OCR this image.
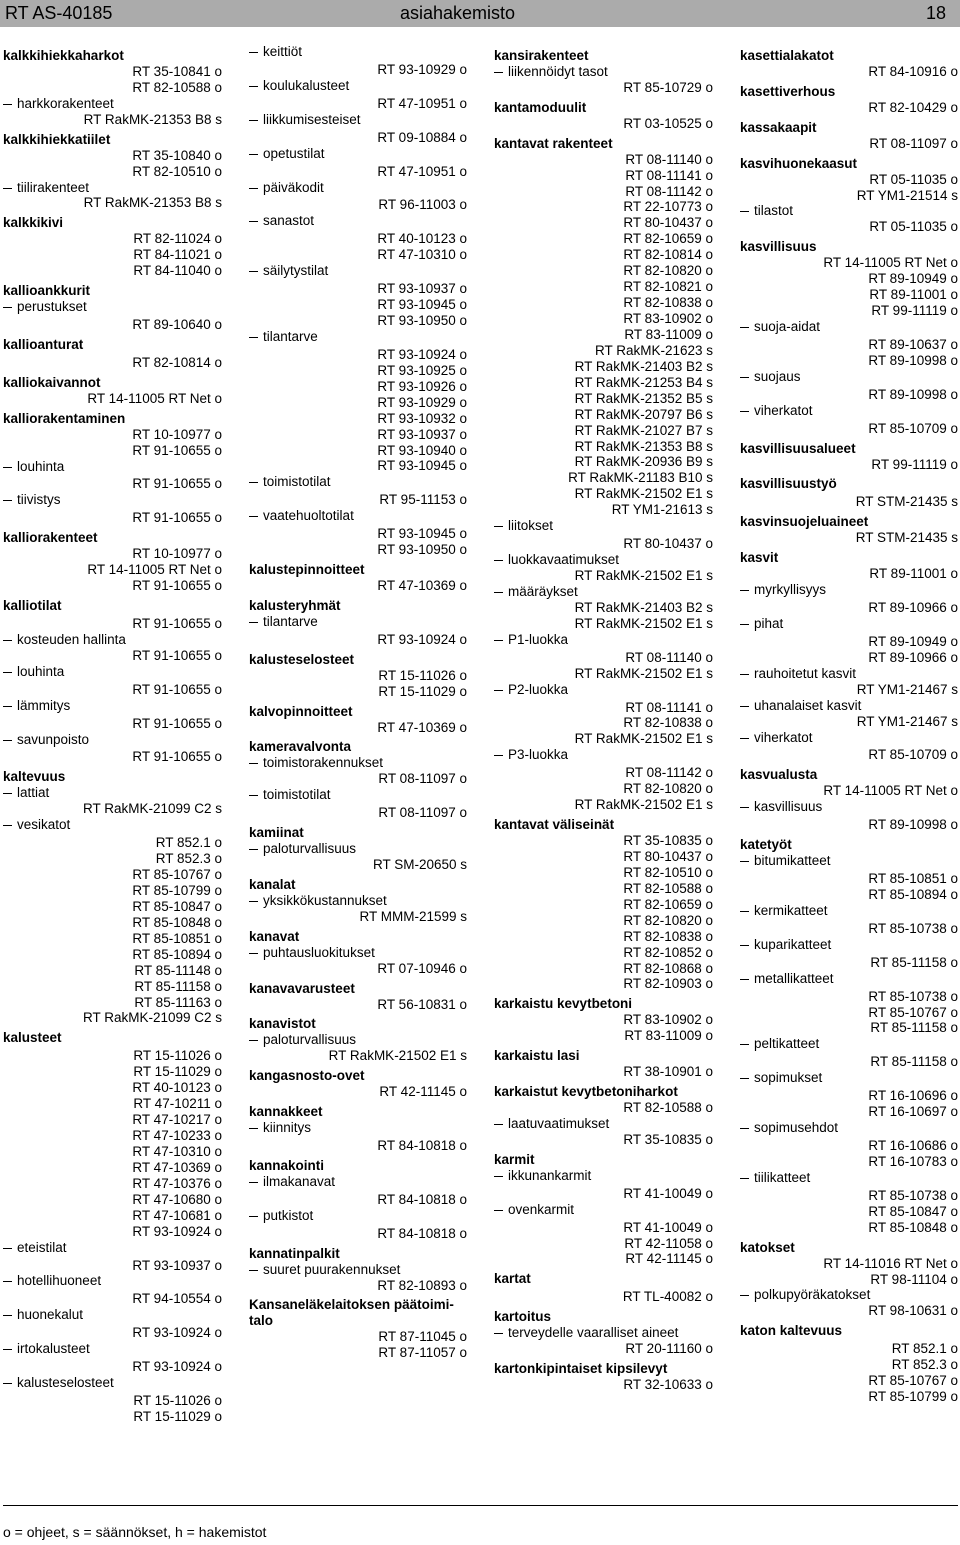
RT AS-40185	asiahakemisto	18
kalkkihiekkaharkot
RT 35-10841 o
RT 82-10588 o
harkkorakenteet
RT RakMK-21353 B8 s
kalkkihiekkatiilet
RT 35-10840 o
RT 82-10510 o
tiilirakenteet
RT RakMK-21353 B8 s
kalkkikivi
RT 82-11024 o
RT 84-11021 o
RT 84-11040 o
kallioankkurit
perustukset
RT 89-10640 o
kallioanturat
RT 82-10814 o
kalliokaivannot
RT 14-11005 RT Net o
kalliorakentaminen
RT 10-10977 o
RT 91-10655 o
louhinta
RT 91-10655 o
tiivistys
RT 91-10655 o
kalliorakenteet
RT 10-10977 o
RT 14-11005 RT Net o
RT 91-10655 o
kalliotilat
RT 91-10655 o
kosteuden hallinta
RT 91-10655 o
louhinta
RT 91-10655 o
lämmitys
RT 91-10655 o
savunpoisto
RT 91-10655 o
kaltevuus
lattiat
RT RakMK-21099 C2 s
vesikatot
RT 852.1 o
RT 852.3 o
RT 85-10767 o
RT 85-10799 o
RT 85-10847 o
RT 85-10848 o
RT 85-10851 o
RT 85-10894 o
RT 85-11148 o
RT 85-11158 o
RT 85-11163 o
RT RakMK-21099 C2 s
kalusteet
RT 15-11026 o
RT 15-11029 o
RT 40-10123 o
RT 47-10211 o
RT 47-10217 o
RT 47-10233 o
RT 47-10310 o
RT 47-10369 o
RT 47-10376 o
RT 47-10680 o
RT 47-10681 o
RT 93-10924 o
eteistilat
RT 93-10937 o
hotellihuoneet
RT 94-10554 o
huonekalut
RT 93-10924 o
irtokalusteet
RT 93-10924 o
kalusteselosteet
RT 15-11026 o
RT 15-11029 o
keittiöt
RT 93-10929 o
koulukalusteet
RT 47-10951 o
liikkumisesteiset
RT 09-10884 o
opetustilat
RT 47-10951 o
päiväkodit
RT 96-11003 o
sanastot
RT 40-10123 o
RT 47-10310 o
säilytystilat
RT 93-10937 o
RT 93-10945 o
RT 93-10950 o
tilantarve
RT 93-10924 o
RT 93-10925 o
RT 93-10926 o
RT 93-10929 o
RT 93-10932 o
RT 93-10937 o
RT 93-10940 o
RT 93-10945 o
toimistotilat
RT 95-11153 o
vaatehuoltotilat
RT 93-10945 o
RT 93-10950 o
kalustepinnoitteet
RT 47-10369 o
kalusteryhmät
tilantarve
RT 93-10924 o
kalusteselosteet
RT 15-11026 o
RT 15-11029 o
kalvopinnoitteet
RT 47-10369 o
kameravalvonta
toimistorakennukset
RT 08-11097 o
toimistotilat
RT 08-11097 o
kamiinat
paloturvallisuus
RT SM-20650 s
kanalat
yksikkökustannukset
RT MMM-21599 s
kanavat
puhtausluokitukset
RT 07-10946 o
kanavavarusteet
RT 56-10831 o
kanavistot
paloturvallisuus
RT RakMK-21502 E1 s
kangasnosto-ovet
RT 42-11145 o
kannakkeet
kiinnitys
RT 84-10818 o
kannakointi
ilmakanavat
RT 84-10818 o
putkistot
RT 84-10818 o
kannatinpalkit
suuret puurakennukset
RT 82-10893 o
Kansaneläkelaitoksen päätoimi-
talo
RT 87-11045 o
RT 87-11057 o
kansirakenteet
liikennöidyt tasot
RT 85-10729 o
kantamoduulit
RT 03-10525 o
kantavat rakenteet
RT 08-11140 o
RT 08-11141 o
RT 08-11142 o
RT 22-10773 o
RT 80-10437 o
RT 82-10659 o
RT 82-10814 o
RT 82-10820 o
RT 82-10821 o
RT 82-10838 o
RT 83-10902 o
RT 83-11009 o
RT RakMK-21623 s
RT RakMK-21403 B2 s
RT RakMK-21253 B4 s
RT RakMK-21352 B5 s
RT RakMK-20797 B6 s
RT RakMK-21027 B7 s
RT RakMK-21353 B8 s
RT RakMK-20936 B9 s
RT RakMK-21183 B10 s
RT RakMK-21502 E1 s
RT YM1-21613 s
liitokset
RT 80-10437 o
luokkavaatimukset
RT RakMK-21502 E1 s
määräykset
RT RakMK-21403 B2 s
RT RakMK-21502 E1 s
P1-luokka
RT 08-11140 o
RT RakMK-21502 E1 s
P2-luokka
RT 08-11141 o
RT 82-10838 o
RT RakMK-21502 E1 s
P3-luokka
RT 08-11142 o
RT 82-10820 o
RT RakMK-21502 E1 s
kantavat väliseinät
RT 35-10835 o
RT 80-10437 o
RT 82-10510 o
RT 82-10588 o
RT 82-10659 o
RT 82-10820 o
RT 82-10838 o
RT 82-10852 o
RT 82-10868 o
RT 82-10903 o
karkaistu kevytbetoni
RT 83-10902 o
RT 83-11009 o
karkaistu lasi
RT 38-10901 o
karkaistut kevytbetoniharkot
RT 82-10588 o
laatuvaatimukset
RT 35-10835 o
karmit
ikkunankarmit
RT 41-10049 o
ovenkarmit
RT 41-10049 o
RT 42-11058 o
RT 42-11145 o
kartat
RT TL-40082 o
kartoitus
terveydelle vaaralliset aineet
RT 20-11160 o
kartonkipintaiset kipsilevyt
RT 32-10633 o
kasettialakatot
RT 84-10916 o
kasettiverhous
RT 82-10429 o
kassakaapit
RT 08-11097 o
kasvihuonekaasut
RT 05-11035 o
RT YM1-21514 s
tilastot
RT 05-11035 o
kasvillisuus
RT 14-11005 RT Net o
RT 89-10949 o
RT 89-11001 o
RT 99-11119 o
suoja-aidat
RT 89-10637 o
RT 89-10998 o
suojaus
RT 89-10998 o
viherkatot
RT 85-10709 o
kasvillisuusalueet
RT 99-11119 o
kasvillisuustyö
RT STM-21435 s
kasvinsuojeluaineet
RT STM-21435 s
kasvit
RT 89-11001 o
myrkyllisyys
RT 89-10966 o
pihat
RT 89-10949 o
RT 89-10966 o
rauhoitetut kasvit
RT YM1-21467 s
uhanalaiset kasvit
RT YM1-21467 s
viherkatot
RT 85-10709 o
kasvualusta
RT 14-11005 RT Net o
kasvillisuus
RT 89-10998 o
katetyöt
bitumikatteet
RT 85-10851 o
RT 85-10894 o
kermikatteet
RT 85-10738 o
kuparikatteet
RT 85-11158 o
metallikatteet
RT 85-10738 o
RT 85-10767 o
RT 85-11158 o
peltikatteet
RT 85-11158 o
sopimukset
RT 16-10696 o
RT 16-10697 o
sopimusehdot
RT 16-10686 o
RT 16-10783 o
tiilikatteet
RT 85-10738 o
RT 85-10847 o
RT 85-10848 o
katokset
RT 14-11016 RT Net o
RT 98-11104 o
polkupyöräkatokset
RT 98-10631 o
katon kaltevuus
RT 852.1 o
RT 852.3 o
RT 85-10767 o
RT 85-10799 o
o = ohjeet, s = säännökset, h = hakemistot
